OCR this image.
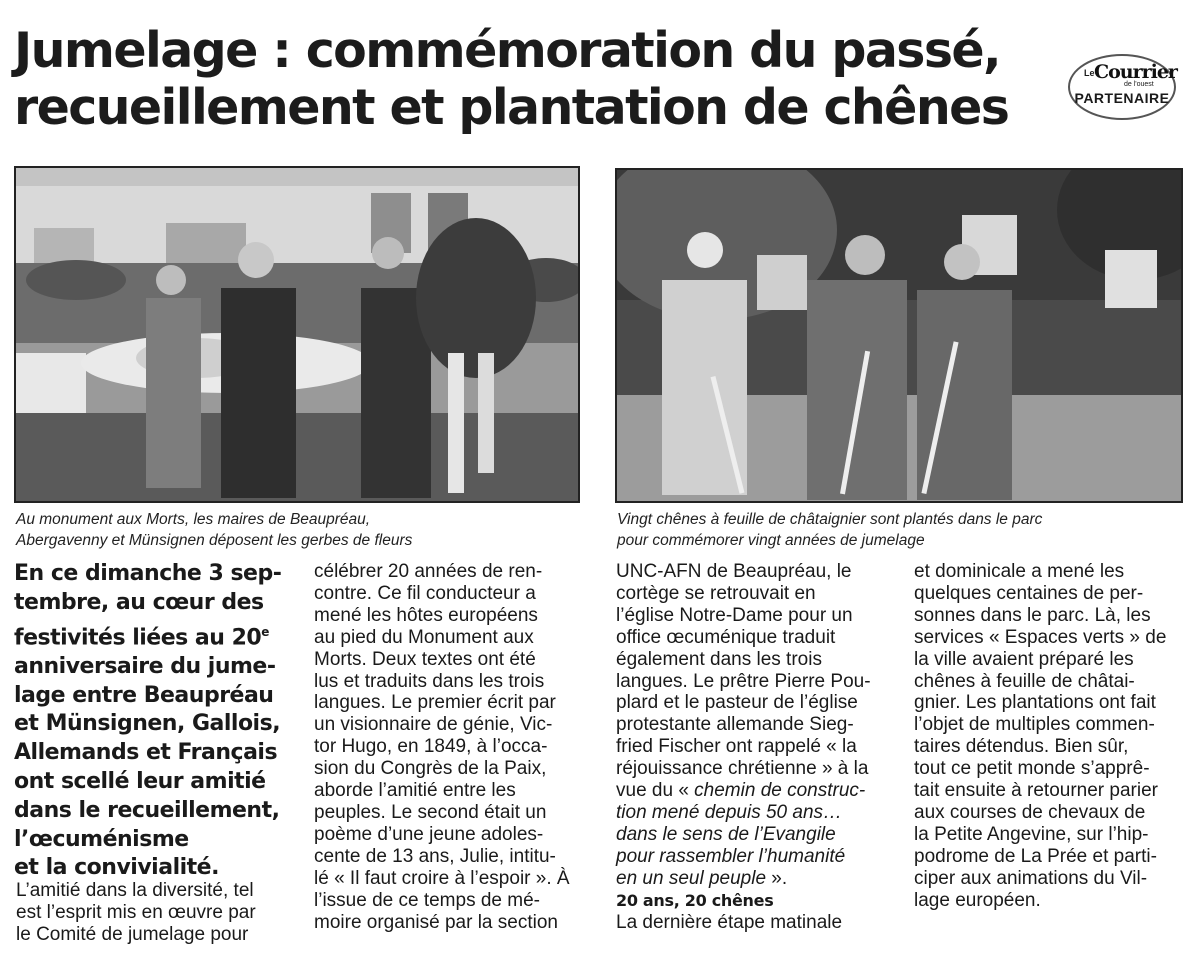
Jumelage : commémoration du passé,
recueillement et plantation de chênes
Le Courrier
de l'ouest
PARTENAIRE
Au monument aux Morts, les maires de Beaupréau,
Abergavenny et Münsignen déposent les gerbes de fleurs
Vingt chênes à feuille de châtaignier sont plantés dans le parc
pour commémorer vingt années de jumelage

En ce dimanche 3 sep-

tembre, au cœur des

festivités liées au 20e

anniversaire du jume-

lage entre Beaupréau

et Münsignen, Gallois,

Allemands et Français

ont scellé leur amitié

dans le recueillement,

l’œcuménisme

et la convivialité.

L’amitié dans la diversité, tel

est l’esprit mis en œuvre par

le Comité de jumelage pour

célébrer 20 années de ren-

contre. Ce fil conducteur a

mené les hôtes européens

au pied du Monument aux

Morts. Deux textes ont été

lus et traduits dans les trois

langues. Le premier écrit par

un visionnaire de génie, Vic-

tor Hugo, en 1849, à l’occa-

sion du Congrès de la Paix,

aborde l’amitié entre les

peuples. Le second était un

poème d’une jeune adoles-

cente de 13 ans, Julie, intitu-

lé « Il faut croire à l’espoir ». À

l’issue de ce temps de mé-

moire organisé par la section

UNC-AFN de Beaupréau, le

cortège se retrouvait en

l’église Notre-Dame pour un

office œcuménique traduit

également dans les trois

langues. Le prêtre Pierre Pou-

plard et le pasteur de l’église

protestante allemande Sieg-

fried Fischer ont rappelé « la

réjouissance chrétienne » à la

vue du « chemin de construc-

tion mené depuis 50 ans…

dans le sens de l’Evangile

pour rassembler l’humanité

en un seul peuple ».

20 ans, 20 chênes

La dernière étape matinale

et dominicale a mené les

quelques centaines de per-

sonnes dans le parc. Là, les

services « Espaces verts » de

la ville avaient préparé les

chênes à feuille de châtai-

gnier. Les plantations ont fait

l’objet de multiples commen-

taires détendus. Bien sûr,

tout ce petit monde s’apprê-

tait ensuite à retourner parier

aux courses de chevaux de

la Petite Angevine, sur l’hip-

podrome de La Prée et parti-

ciper aux animations du Vil-

lage européen.
